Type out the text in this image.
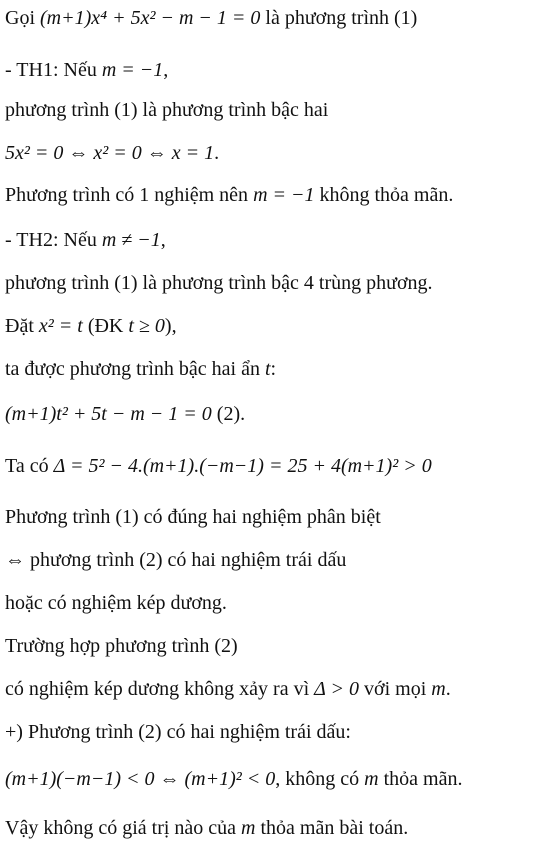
Gọi (m+1)x⁴ + 5x² − m − 1 = 0 là phương trình (1)
- TH1: Nếu m = −1,
phương trình (1) là phương trình bậc hai
5x² = 0 ⇔ x² = 0 ⇔ x = 1.
Phương trình có 1 nghiệm nên m = −1 không thỏa mãn.
- TH2: Nếu m ≠ −1,
phương trình (1) là phương trình bậc 4 trùng phương.
Đặt x² = t (ĐK t ≥ 0),
ta được phương trình bậc hai ẩn t:
(m+1)t² + 5t − m − 1 = 0 (2).
Ta có Δ = 5² − 4.(m+1).(−m−1) = 25 + 4(m+1)² > 0
Phương trình (1) có đúng hai nghiệm phân biệt
⇔ phương trình (2) có hai nghiệm trái dấu
hoặc có nghiệm kép dương.
Trường hợp phương trình (2)
có nghiệm kép dương không xảy ra vì Δ > 0 với mọi m.
+) Phương trình (2) có hai nghiệm trái dấu:
(m+1)(−m−1) < 0 ⇔ (m+1)² < 0, không có m thỏa mãn.
Vậy không có giá trị nào của m thỏa mãn bài toán.
